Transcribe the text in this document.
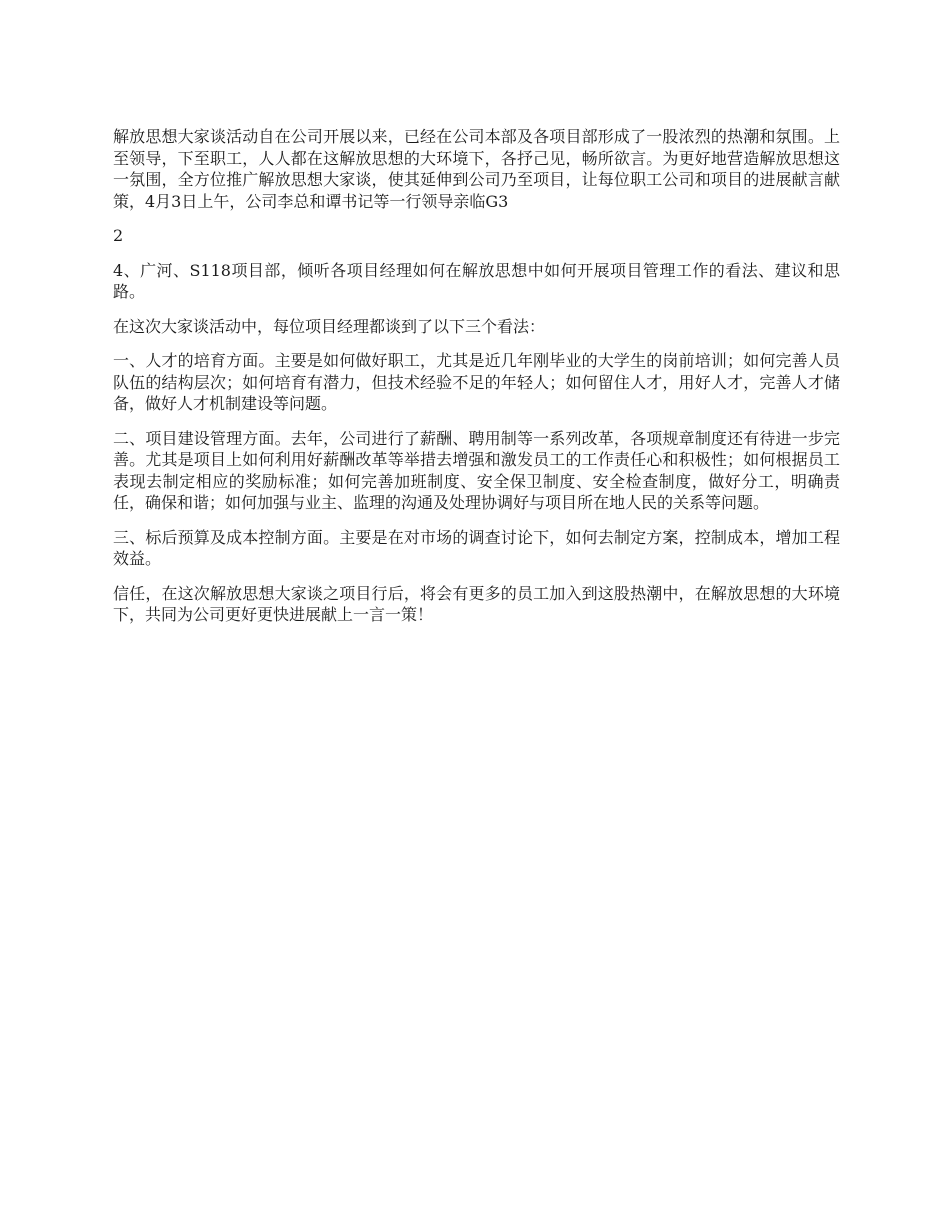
解放思想大家谈活动自在公司开展以来，已经在公司本部及各项目部形成了一股浓烈的热潮和氛围。上至领导，下至职工，人人都在这解放思想的大环境下，各抒己见，畅所欲言。为更好地营造解放思想这一氛围，全方位推广解放思想大家谈，使其延伸到公司乃至项目，让每位职工公司和项目的进展献言献策，4月3日上午，公司李总和谭书记等一行领导亲临G3

2

4、广河、S118项目部，倾听各项目经理如何在解放思想中如何开展项目管理工作的看法、建议和思路。

在这次大家谈活动中，每位项目经理都谈到了以下三个看法：

一、人才的培育方面。主要是如何做好职工，尤其是近几年刚毕业的大学生的岗前培训；如何完善人员队伍的结构层次；如何培育有潜力，但技术经验不足的年轻人；如何留住人才，用好人才，完善人才储备，做好人才机制建设等问题。

二、项目建设管理方面。去年，公司进行了薪酬、聘用制等一系列改革，各项规章制度还有待进一步完善。尤其是项目上如何利用好薪酬改革等举措去增强和激发员工的工作责任心和积极性；如何根据员工表现去制定相应的奖励标准；如何完善加班制度、安全保卫制度、安全检查制度，做好分工，明确责任，确保和谐；如何加强与业主、监理的沟通及处理协调好与项目所在地人民的关系等问题。

三、标后预算及成本控制方面。主要是在对市场的调查讨论下，如何去制定方案，控制成本，增加工程效益。

信任，在这次解放思想大家谈之项目行后，将会有更多的员工加入到这股热潮中，在解放思想的大环境下，共同为公司更好更快进展献上一言一策！
